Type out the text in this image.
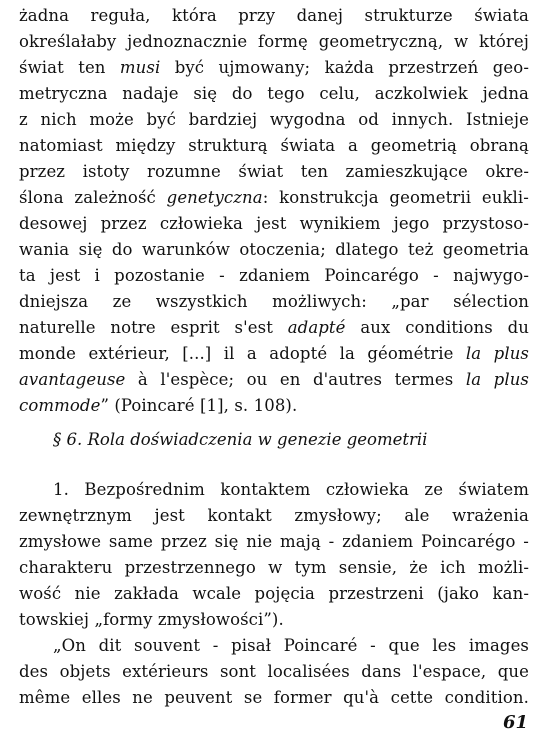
żadna reguła, która przy danej strukturze świata
określałaby jednoznacznie formę geometryczną, w której
świat ten musi być ujmowany; każda przestrzeń geo-
metryczna nadaje się do tego celu, aczkolwiek jedna
z nich może być bardziej wygodna od innych. Istnieje
natomiast między strukturą świata a geometrią obraną
przez istoty rozumne świat ten zamieszkujące okre-
ślona zależność genetyczna: konstrukcja geometrii eukli-
desowej przez człowieka jest wynikiem jego przystoso-
wania się do warunków otoczenia; dlatego też geometria
ta jest i pozostanie - zdaniem Poincarégo - najwygo-
dniejsza ze wszystkich możliwych: „par sélection
naturelle notre esprit s'est adapté aux conditions du
monde extérieur, [...] il a adopté la géométrie la plus
avantageuse à l'espèce; ou en d'autres termes la plus
commode” (Poincaré [1], s. 108).
§ 6. Rola doświadczenia w genezie geometrii
1. Bezpośrednim kontaktem człowieka ze światem
zewnętrznym jest kontakt zmysłowy; ale wrażenia
zmysłowe same przez się nie mają - zdaniem Poincarégo -
charakteru przestrzennego w tym sensie, że ich możli-
wość nie zakłada wcale pojęcia przestrzeni (jako kan-
towskiej „formy zmysłowości”).
„On dit souvent - pisał Poincaré - que les images
des objets extérieurs sont localisées dans l'espace, que
même elles ne peuvent se former qu'à cette condition.
61
